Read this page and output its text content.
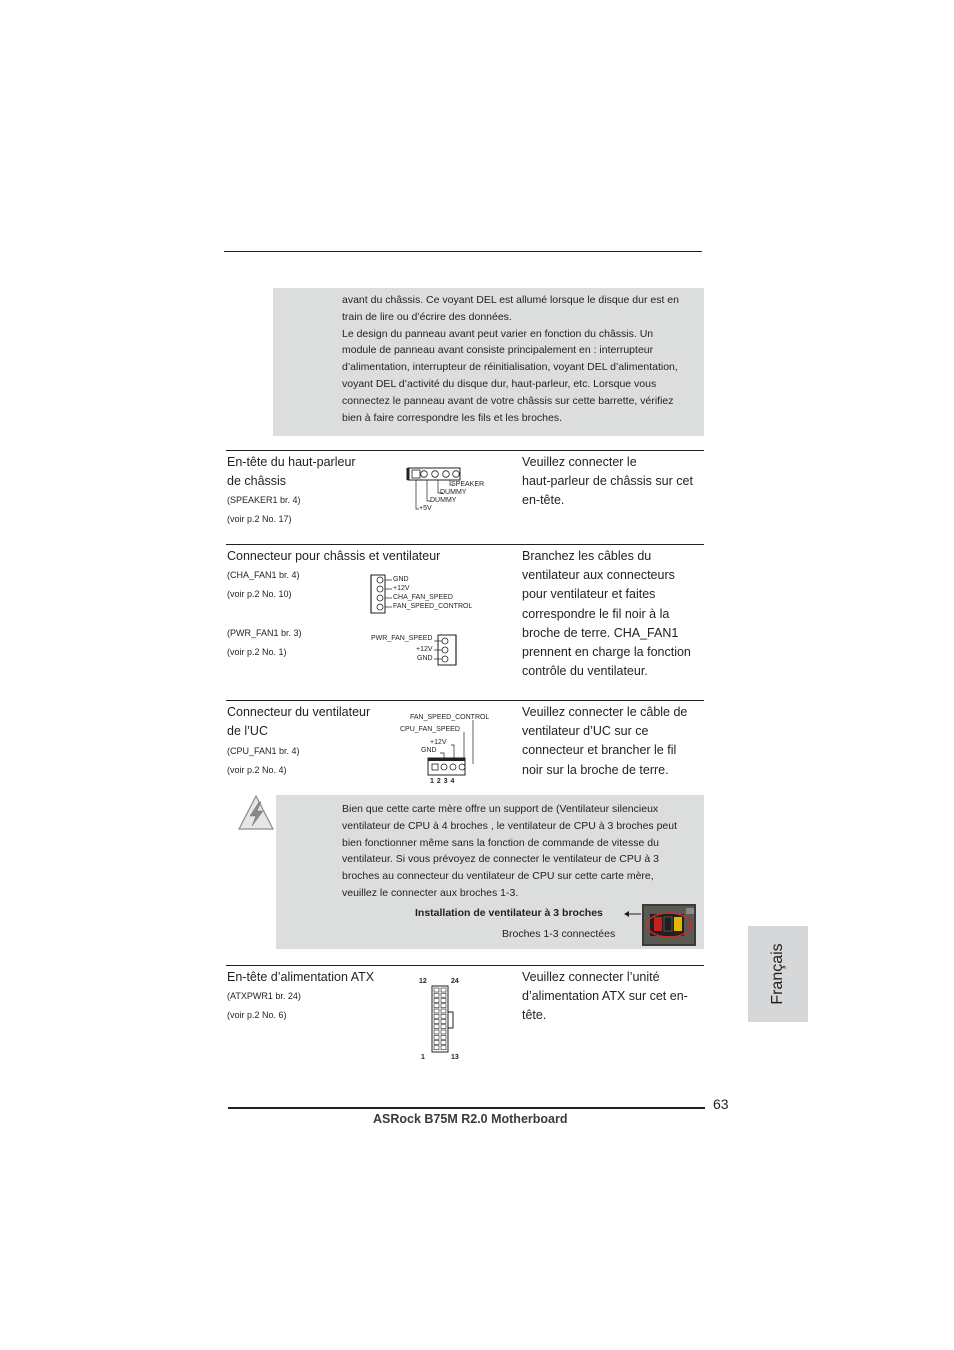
avant du châssis. Ce voyant DEL est allumé lorsque le disque dur est en
train de lire ou d’écrire des données.
Le design du panneau avant peut varier en fonction du châssis. Un
module de panneau avant consiste principalement en : interrupteur
d’alimentation, interrupteur de réinitialisation, voyant DEL d’alimentation,
voyant DEL d’activité du disque dur, haut-parleur, etc. Lorsque vous
connectez le panneau avant de votre châssis sur cette barrette, vérifiez
bien à faire correspondre les fils et les broches.
En-tête du haut-parleur
de châssis
(SPEAKER1 br. 4)
(voir p.2 No. 17)
SPEAKER
DUMMY
DUMMY
+5V
Veuillez connecter le
haut-parleur de châssis sur cet
en-tête.
Connecteur pour châssis et ventilateur
(CHA_FAN1 br. 4)
(voir p.2 No. 10)
(PWR_FAN1 br. 3)
(voir p.2 No. 1)
GND
+12V
CHA_FAN_SPEED
FAN_SPEED_CONTROL
PWR_FAN_SPEED
+12V
GND
Branchez les câbles du
ventilateur aux connecteurs
pour ventilateur et faites
correspondre le fil noir à la
broche de terre. CHA_FAN1
prennent en charge la fonction
contrôle du ventilateur.
Connecteur du ventilateur
de l’UC
(CPU_FAN1 br. 4)
(voir p.2 No. 4)
FAN_SPEED_CONTROL
CPU_FAN_SPEED
+12V
GND
1 2 3 4
Veuillez connecter le câble de
ventilateur d’UC sur ce
connecteur et brancher le fil
noir sur la broche de terre.
Bien que cette carte mère offre un support de (Ventilateur silencieux
ventilateur de CPU à 4 broches , le ventilateur de CPU à 3 broches peut
bien fonctionner même sans la fonction de commande de vitesse du
ventilateur. Si vous prévoyez de connecter le ventilateur de CPU à 3
broches au connecteur du ventilateur de CPU sur cette carte mère,
veuillez le connecter aux broches 1-3.
Installation de ventilateur à 3 broches
Broches 1-3 connectées
Français
En-tête d’alimentation ATX
(ATXPWR1 br. 24)
(voir p.2 No. 6)
12	24
1	13
Veuillez connecter l’unité
d’alimentation ATX sur cet en-
tête.
63
ASRock B75M R2.0 Motherboard
